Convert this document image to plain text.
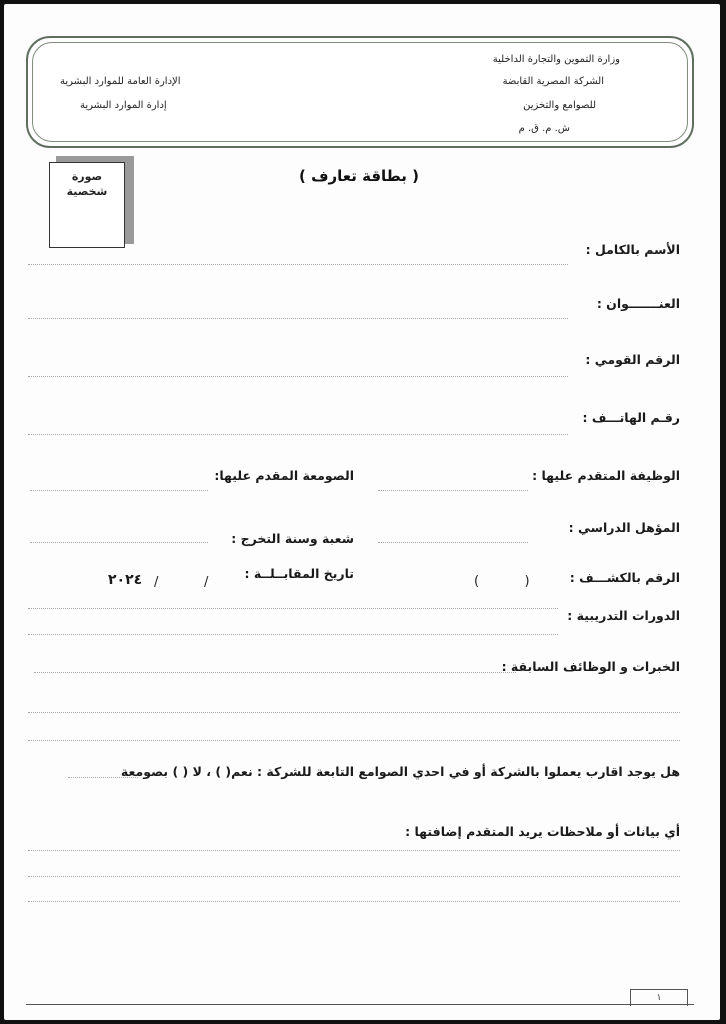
وزارة التموين والتجارة الداخلية
الشركة المصرية القابضة
للصوامع والتخزين
ش. م. ق. م
الإدارة العامة للموارد البشرية
إدارة الموارد البشرية
صورة
شخصية
( بطاقة تعارف )
الأسم بالكامل :
العنـــــــوان :
الرقم القومي :
رقـم الهاتـــف :
الوظيفة المتقدم عليها :
الصومعة المقدم عليها:
المؤهل الدراسي :
شعبة وسنة التخرج :
الرقم بالكشـــف :
(           )
تاريخ المقابــلــة :
/
/
٢٠٢٤
الدورات التدريبية :
الخبرات و الوظائف السابقة :
هل يوجد اقارب يعملوا بالشركة أو في احدي الصوامع التابعة للشركة : نعم( ) ، لا ( ) بصومعة
أي بيانات أو ملاحظات يريد المتقدم إضافتها :
١
